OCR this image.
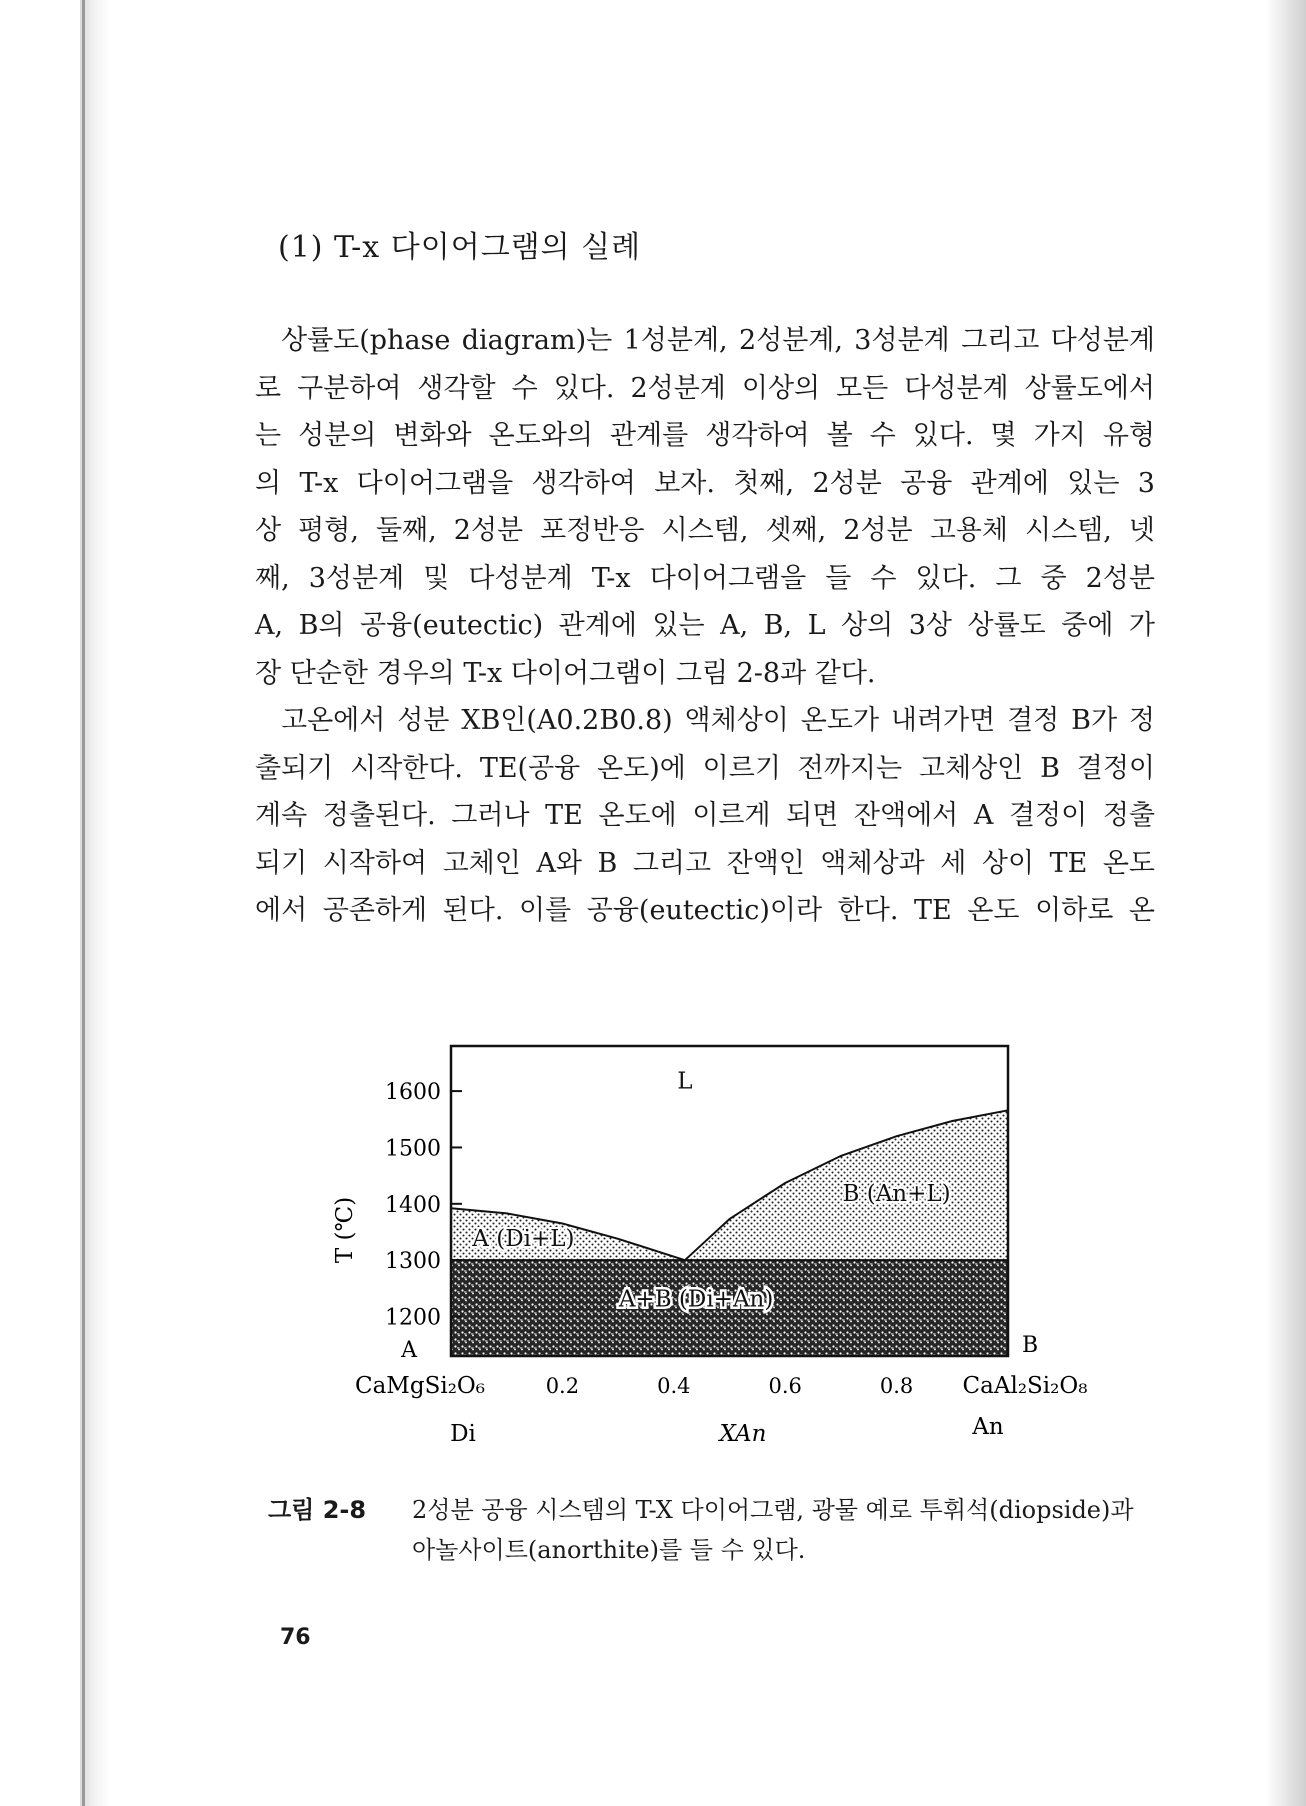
(1) T-x 다이어그램의 실례

상률도(phase diagram)는 1성분계, 2성분계, 3성분계 그리고 다성분계

로 구분하여 생각할 수 있다. 2성분계 이상의 모든 다성분계 상률도에서

는 성분의 변화와 온도와의 관계를 생각하여 볼 수 있다. 몇 가지 유형

의 T-x 다이어그램을 생각하여 보자. 첫째, 2성분 공융 관계에 있는 3

상 평형, 둘째, 2성분 포정반응 시스템, 셋째, 2성분 고용체 시스템, 넷

째, 3성분계 및 다성분계 T-x 다이어그램을 들 수 있다. 그 중 2성분

A, B의 공융(eutectic) 관계에 있는 A, B, L 상의 3상 상률도 중에 가

장 단순한 경우의 T-x 다이어그램이 그림 2-8과 같다.

고온에서 성분 XB인(A0.2B0.8) 액체상이 온도가 내려가면 결정 B가 정

출되기 시작한다. TE(공융 온도)에 이르기 전까지는 고체상인 B 결정이

계속 정출된다. 그러나 TE 온도에 이르게 되면 잔액에서 A 결정이 정출

되기 시작하여 고체인 A와 B 그리고 잔액인 액체상과 세 상이 TE 온도

에서 공존하게 된다. 이를 공융(eutectic)이라 한다. TE 온도 이하로 온

1200
1300
1400
1500
1600
0.2	0.4	0.6	0.8
L
A (Di+L)
B (An+L)
A+B (Di+An)
A	B
CaMgSi₂O₆	CaAl₂Si₂O₈
Di	An
XAn
T (℃)
그림 2-8 2성분 공융 시스템의 T-X 다이어그램, 광물 예로 투휘석(diopside)과
아놀사이트(anorthite)를 들 수 있다.
76
